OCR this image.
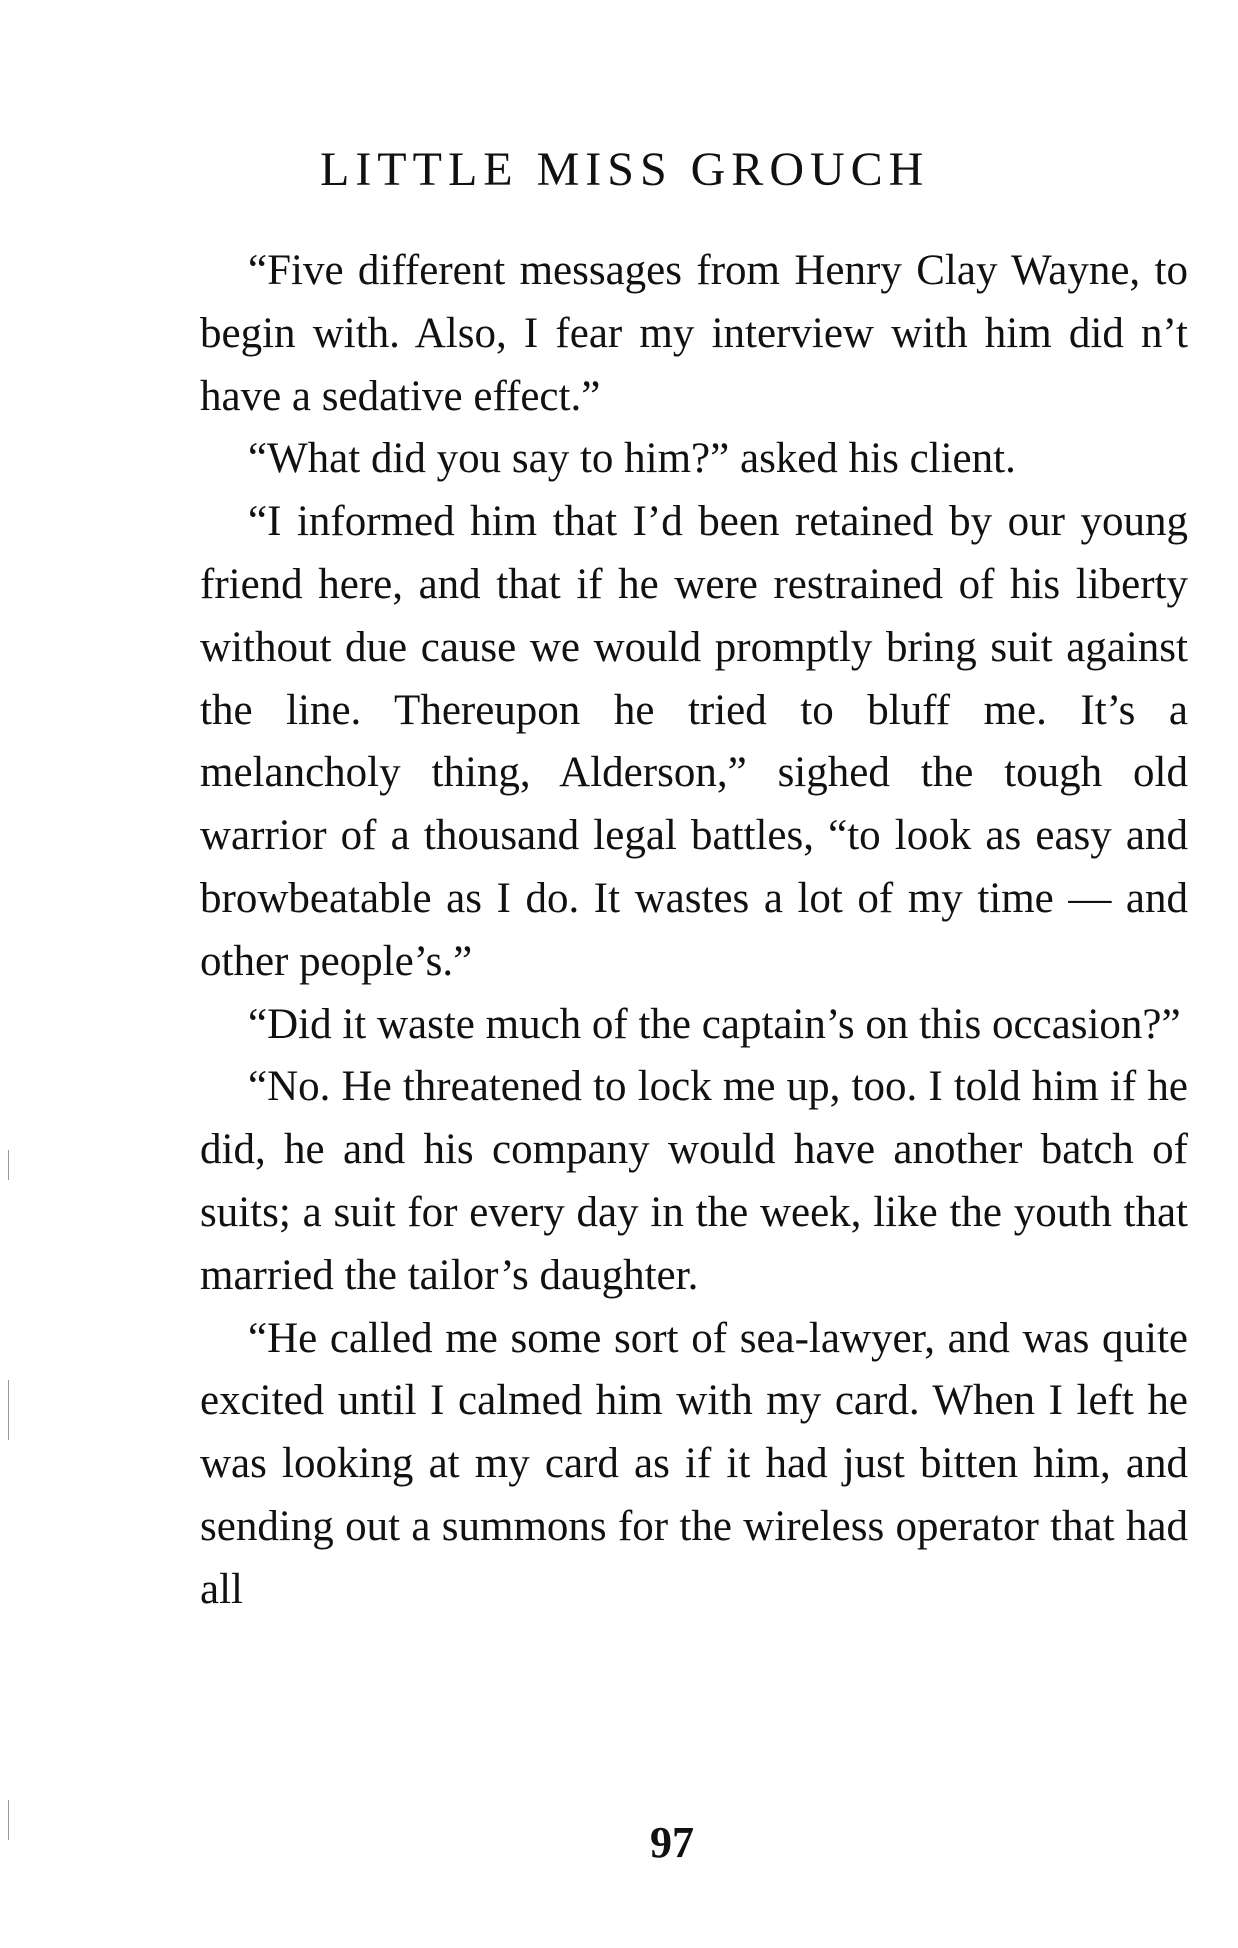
LITTLE MISS GROUCH

“Five different messages from Henry Clay Wayne, to begin with. Also, I fear my interview with him did n’t have a sedative effect.”

“What did you say to him?” asked his client.

“I informed him that I’d been retained by our young friend here, and that if he were restrained of his liberty without due cause we would promptly bring suit against the line. Thereupon he tried to bluff me. It’s a melancholy thing, Alderson,” sighed the tough old warrior of a thousand legal battles, “to look as easy and browbeatable as I do. It wastes a lot of my time — and other people’s.”

“Did it waste much of the captain’s on this occasion?”

“No. He threatened to lock me up, too. I told him if he did, he and his company would have another batch of suits; a suit for every day in the week, like the youth that married the tailor’s daughter.

“He called me some sort of sea-lawyer, and was quite excited until I calmed him with my card. When I left he was looking at my card as if it had just bitten him, and sending out a summons for the wireless operator that had all

97
